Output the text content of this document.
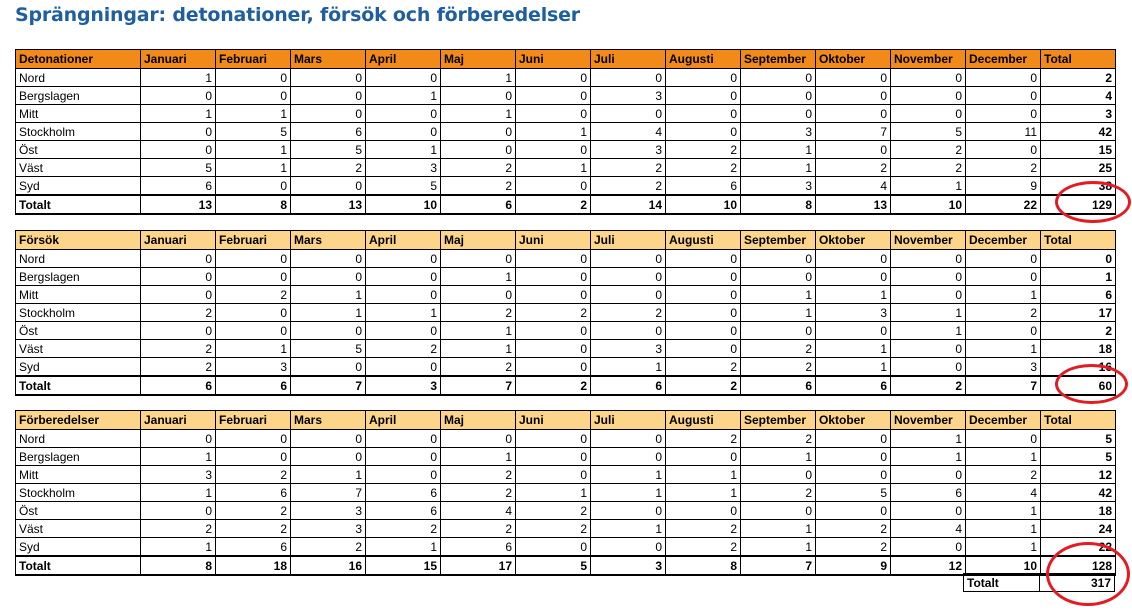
Sprängningar: detonationer, försök och förberedelser
Detonationer	Januari	Februari	Mars	April	Maj	Juni	Juli	Augusti	September	Oktober	November	December	Total
Nord	1	0	0	0	1	0	0	0	0	0	0	0	2
Bergslagen	0	0	0	1	0	0	3	0	0	0	0	0	4
Mitt	1	1	0	0	1	0	0	0	0	0	0	0	3
Stockholm	0	5	6	0	0	1	4	0	3	7	5	11	42
Öst	0	1	5	1	0	0	3	2	1	0	2	0	15
Väst	5	1	2	3	2	1	2	2	1	2	2	2	25
Syd	6	0	0	5	2	0	2	6	3	4	1	9	38
Totalt	13	8	13	10	6	2	14	10	8	13	10	22	129
Försök	Januari	Februari	Mars	April	Maj	Juni	Juli	Augusti	September	Oktober	November	December	Total
Nord	0	0	0	0	0	0	0	0	0	0	0	0	0
Bergslagen	0	0	0	0	1	0	0	0	0	0	0	0	1
Mitt	0	2	1	0	0	0	0	0	1	1	0	1	6
Stockholm	2	0	1	1	2	2	2	0	1	3	1	2	17
Öst	0	0	0	0	1	0	0	0	0	0	1	0	2
Väst	2	1	5	2	1	0	3	0	2	1	0	1	18
Syd	2	3	0	0	2	0	1	2	2	1	0	3	16
Totalt	6	6	7	3	7	2	6	2	6	6	2	7	60
Förberedelser	Januari	Februari	Mars	April	Maj	Juni	Juli	Augusti	September	Oktober	November	December	Total
Nord	0	0	0	0	0	0	0	2	2	0	1	0	5
Bergslagen	1	0	0	0	1	0	0	0	1	0	1	1	5
Mitt	3	2	1	0	2	0	1	1	0	0	0	2	12
Stockholm	1	6	7	6	2	1	1	1	2	5	6	4	42
Öst	0	2	3	6	4	2	0	0	0	0	0	1	18
Väst	2	2	3	2	2	2	1	2	1	2	4	1	24
Syd	1	6	2	1	6	0	0	2	1	2	0	1	22
Totalt	8	18	16	15	17	5	3	8	7	9	12	10	128
Totalt	317
